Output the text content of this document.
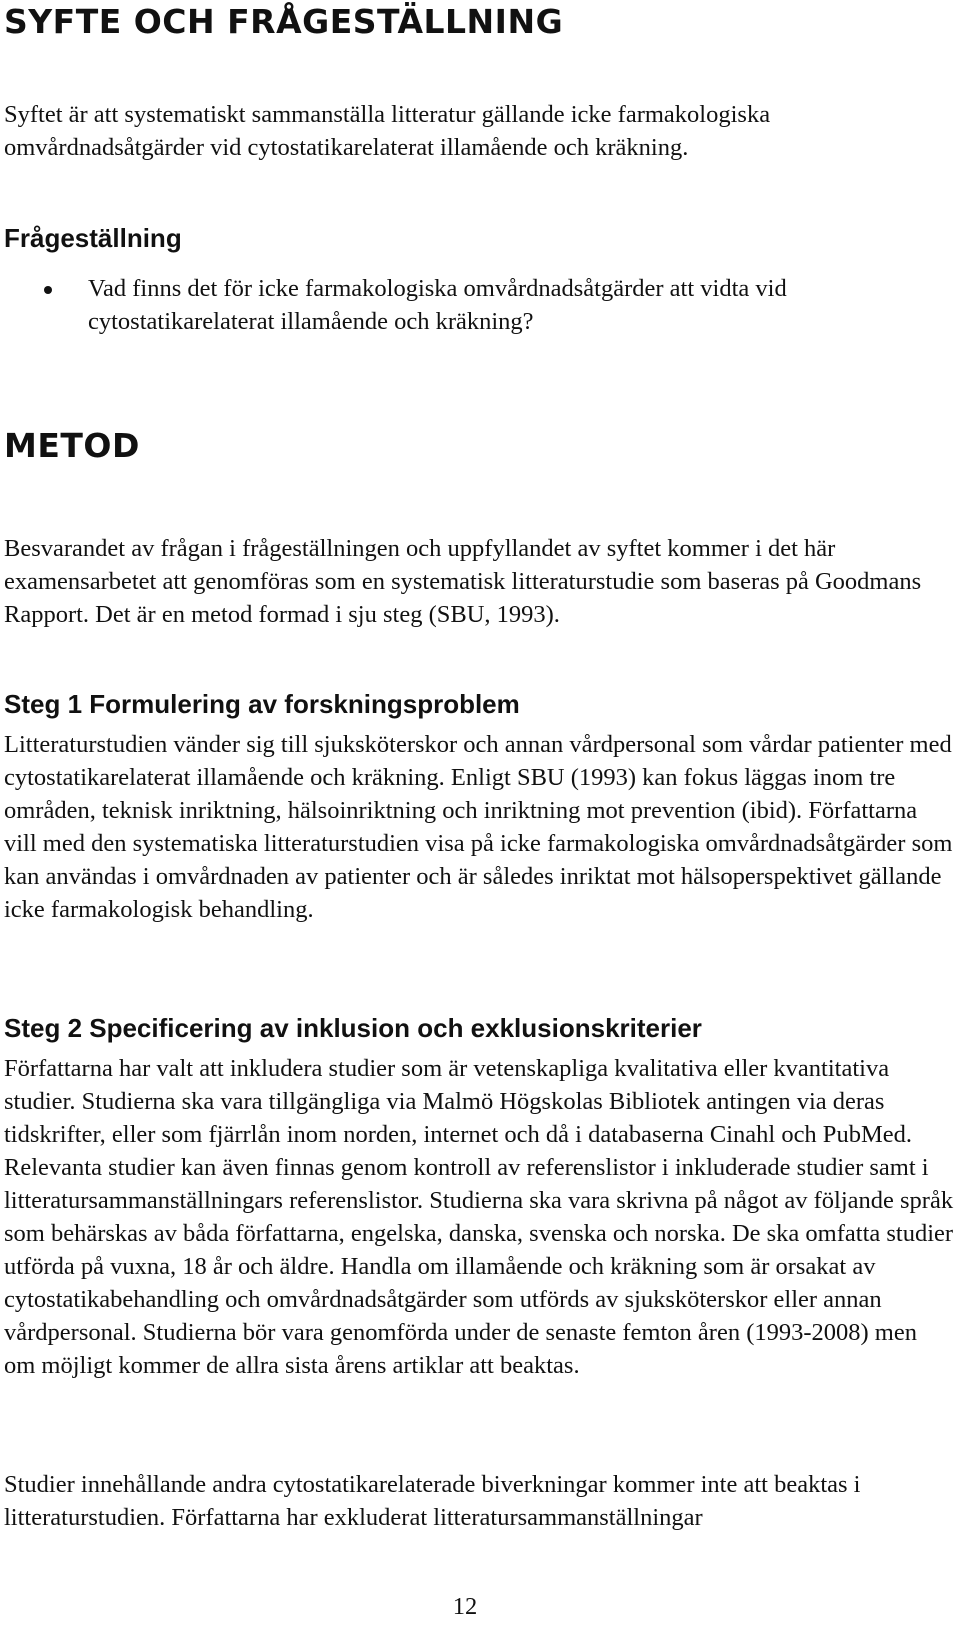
SYFTE OCH FRÅGESTÄLLNING

Syftet är att systematiskt sammanställa litteratur gällande icke farmakologiska omvårdnadsåtgärder vid cytostatikarelaterat illamående och kräkning.

Frågeställning

Vad finns det för icke farmakologiska omvårdnadsåtgärder att vidta vid cytostatikarelaterat illamående och kräkning?

METOD

Besvarandet av frågan i frågeställningen och uppfyllandet av syftet kommer i det här examensarbetet att genomföras som en systematisk litteraturstudie som baseras på Goodmans Rapport. Det är en metod formad i sju steg (SBU, 1993).

Steg 1 Formulering av forskningsproblem

Litteraturstudien vänder sig till sjuksköterskor och annan vårdpersonal som vårdar patienter med cytostatikarelaterat illamående och kräkning. Enligt SBU (1993) kan fokus läggas inom tre områden, teknisk inriktning, hälsoinriktning och inriktning mot prevention (ibid). Författarna vill med den systematiska litteraturstudien visa på icke farmakologiska omvårdnadsåtgärder som kan användas i omvårdnaden av patienter och är således inriktat mot hälsoperspektivet gällande icke farmakologisk behandling.

Steg 2 Specificering av inklusion och exklusionskriterier

Författarna har valt att inkludera studier som är vetenskapliga kvalitativa eller kvantitativa studier. Studierna ska vara tillgängliga via Malmö Högskolas Bibliotek antingen via deras tidskrifter, eller som fjärrlån inom norden, internet och då i databaserna Cinahl och PubMed. Relevanta studier kan även finnas genom kontroll av referenslistor i inkluderade studier samt i litteratursammanställningars referenslistor. Studierna ska vara skrivna på något av följande språk som behärskas av båda författarna, engelska, danska, svenska och norska. De ska omfatta studier utförda på vuxna, 18 år och äldre. Handla om illamående och kräkning som är orsakat av cytostatikabehandling och omvårdnadsåtgärder som utförds av sjuksköterskor eller annan vårdpersonal. Studierna bör vara genomförda under de senaste femton åren (1993-2008) men om möjligt kommer de allra sista årens artiklar att beaktas.

Studier innehållande andra cytostatikarelaterade biverkningar kommer inte att beaktas i litteraturstudien. Författarna har exkluderat litteratursammanställningar

12
